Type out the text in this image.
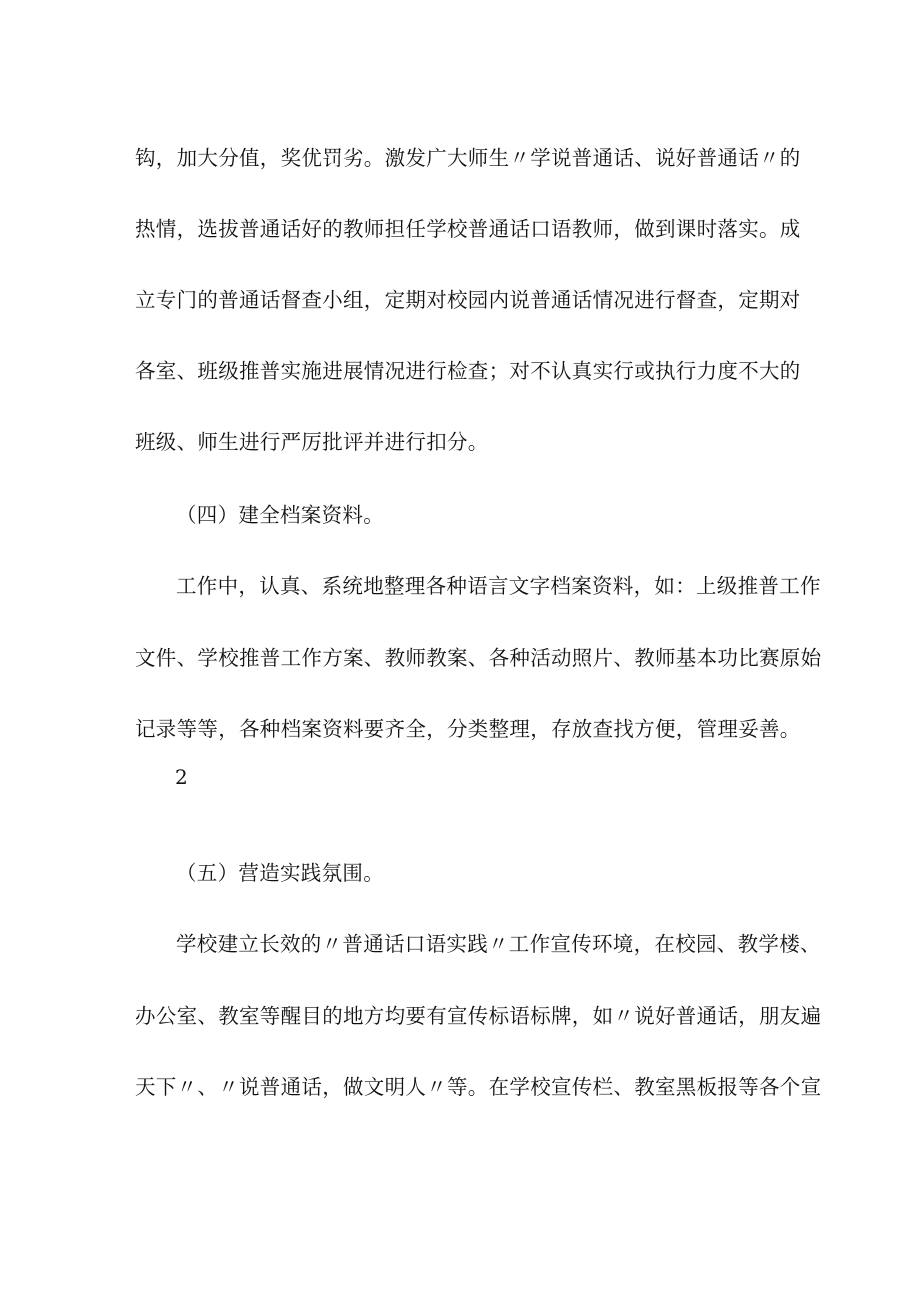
钩，加大分值，奖优罚劣。激发广大师生〃学说普通话、说好普通话〃的
热情，选拔普通话好的教师担任学校普通话口语教师，做到课时落实。成
立专门的普通话督查小组，定期对校园内说普通话情况进行督查，定期对
各室、班级推普实施进展情况进行检查；对不认真实行或执行力度不大的
班级、师生进行严厉批评并进行扣分。
（四）建全档案资料。
工作中，认真、系统地整理各种语言文字档案资料，如：上级推普工作
文件、学校推普工作方案、教师教案、各种活动照片、教师基本功比赛原始
记录等等，各种档案资料要齐全，分类整理，存放查找方便，管理妥善。
2
（五）营造实践氛围。
学校建立长效的〃普通话口语实践〃工作宣传环境，在校园、教学楼、
办公室、教室等醒目的地方均要有宣传标语标牌，如〃说好普通话，朋友遍
天下〃、〃说普通话，做文明人〃等。在学校宣传栏、教室黑板报等各个宣
